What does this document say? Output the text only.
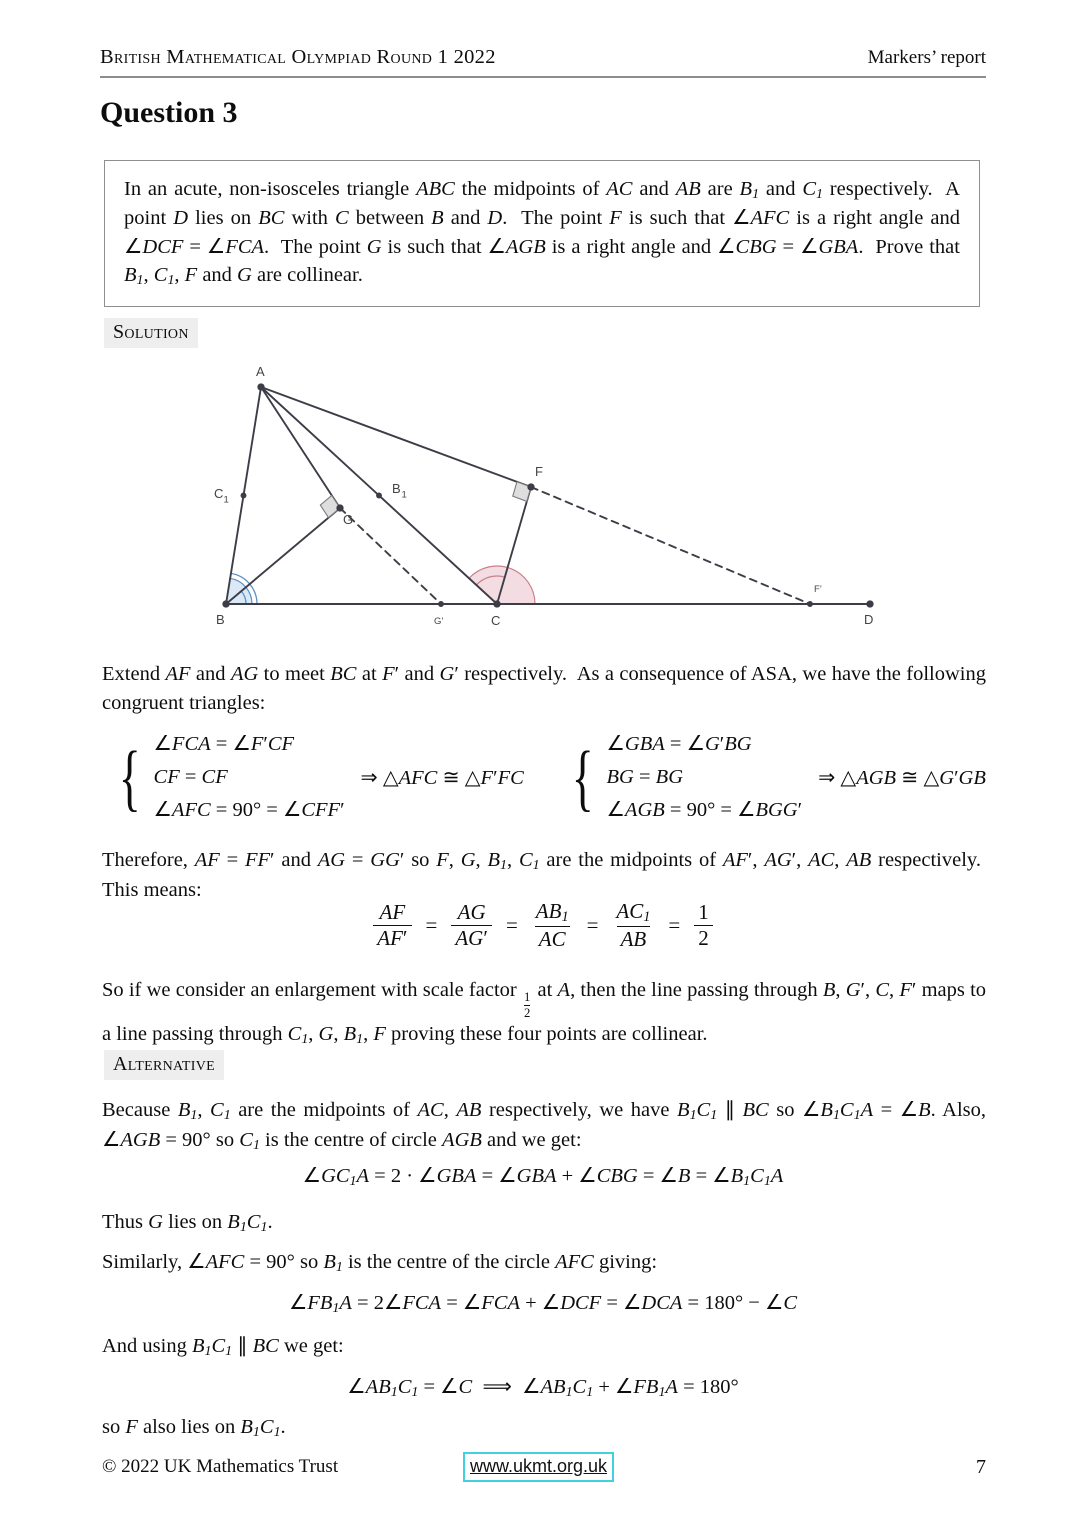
British Mathematical Olympiad Round 1 2022	Markers’ report
Question 3

In an acute, non-isosceles triangle ABC the midpoints of AC and AB are $B_1$ and $C_1$ respectively.  A point D lies on BC with C between B and D.  The point F is such that ∠AFC is a right angle and ∠DCF = ∠FCA.  The point G is such that ∠AGB is a right angle and ∠CBG = ∠GBA.  Prove that $B_1$, $C_1$, F and G are collinear.

Solution
A
B	C	D
F
G
C 1
B 1
G’
F’
Extend AF and AG to meet BC at F′ and G′ respectively.  As a consequence of ASA, we have the following congruent triangles:
{ ∠FCA = ∠F′CF
CF = CF
∠AFC = 90° = ∠CFF′
⇒ △AFC ≅ △F′FC { ∠GBA = ∠G′BG
BG = BG
∠AGB = 90° = ∠BGG′
⇒ △AGB ≅ △G′GB
Therefore, AF = FF′ and AG = GG′ so F, G, $B_1$, $C_1$ are the midpoints of AF′, AG′, AC, AB respectively.  This means:
$\frac{AF}{AF'} = \frac{AG}{AG'} = \frac{AB_1}{AC} = \frac{AC_1}{AB} = \frac{1}{2}$
So if we consider an enlargement with scale factor
$\frac{1}{2}$
at A, then the line passing through B, G′, C, F′ maps to a line passing through $C_1$, G, $B_1$, F proving these four points are collinear.
Alternative
Because $B_1$, $C_1$ are the midpoints of AC, AB respectively, we have $B_1C_1$ ∥ BC so $\angle B_1C_1A$ = ∠B. Also, ∠AGB = 90° so $C_1$ is the centre of circle AGB and we get:
$\angle GC_1A = 2$ · ∠GBA = ∠GBA + ∠CBG = ∠B = $\angle B_1C_1A$
Thus G lies on $B_1C_1$.
Similarly, ∠AFC = 90° so $B_1$ is the centre of the circle AFC giving:
$\angle FB_1A$ = 2∠FCA = ∠FCA + ∠DCF = ∠DCA = 180° − ∠C
And using $B_1C_1$ ∥ BC we get:
$\angle AB_1C_1$ = ∠C  ⟹  $\angle AB_1C_1$ + $\angle FB_1A = 180^\circ$
so F also lies on $B_1C_1$.
© 2022 UK Mathematics Trust	www.ukmt.org.uk	7
